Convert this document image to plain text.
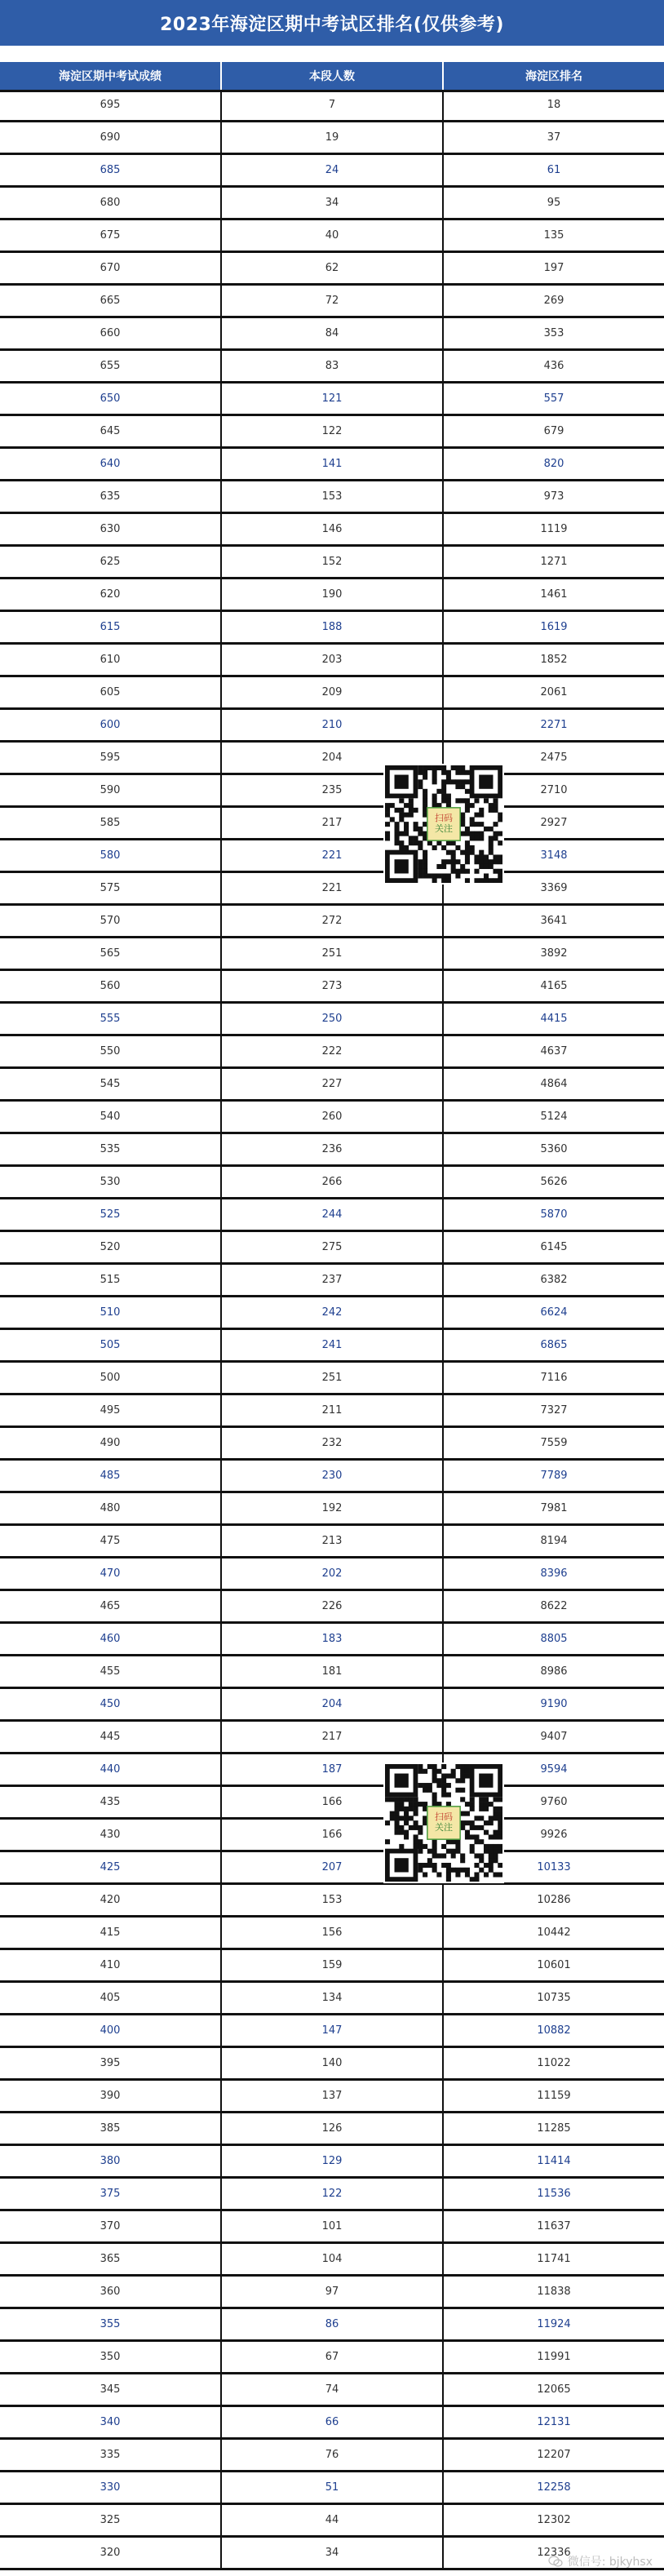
2023年海淀区期中考试区排名(仅供参考)
海淀区期中考试成绩	本段人数	海淀区排名
695	7	18
690	19	37
685	24	61
680	34	95
675	40	135
670	62	197
665	72	269
660	84	353
655	83	436
650	121	557
645	122	679
640	141	820
635	153	973
630	146	1119
625	152	1271
620	190	1461
615	188	1619
610	203	1852
605	209	2061
600	210	2271
595	204	2475
590	235	2710
585	217	2927
580	221	3148
575	221	3369
570	272	3641
565	251	3892
560	273	4165
555	250	4415
550	222	4637
545	227	4864
540	260	5124
535	236	5360
530	266	5626
525	244	5870
520	275	6145
515	237	6382
510	242	6624
505	241	6865
500	251	7116
495	211	7327
490	232	7559
485	230	7789
480	192	7981
475	213	8194
470	202	8396
465	226	8622
460	183	8805
455	181	8986
450	204	9190
445	217	9407
440	187	9594
435	166	9760
430	166	9926
425	207	10133
420	153	10286
415	156	10442
410	159	10601
405	134	10735
400	147	10882
395	140	11022
390	137	11159
385	126	11285
380	129	11414
375	122	11536
370	101	11637
365	104	11741
360	97	11838
355	86	11924
350	67	11991
345	74	12065
340	66	12131
335	76	12207
330	51	12258
325	44	12302
320	34	12336
扫码
关注
扫码
关注
微信号: bjkyhsx
